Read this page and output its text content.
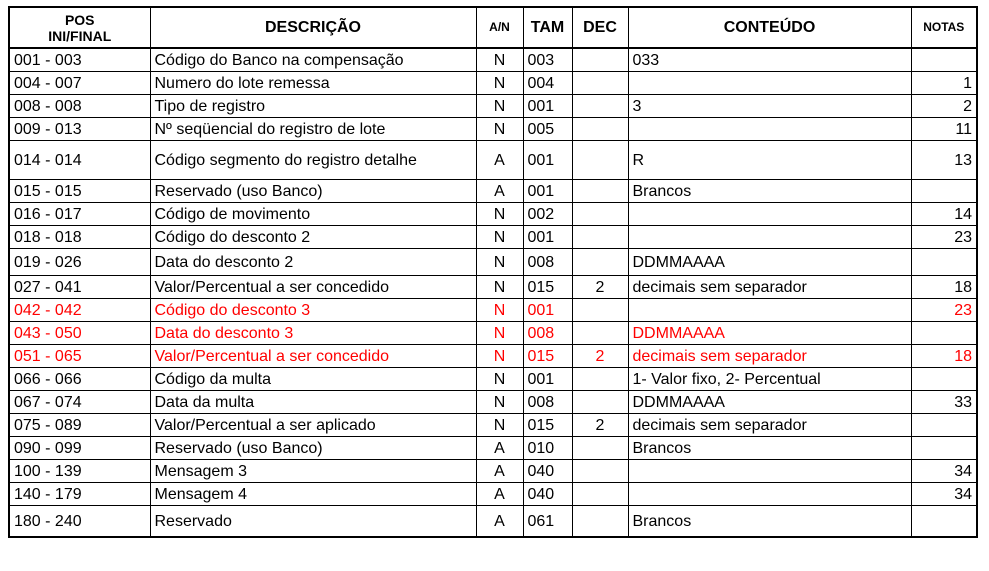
POS
INI/FINAL	DESCRIÇÃO	A/N	TAM	DEC	CONTEÚDO	NOTAS
001 - 003	Código do Banco na compensação	N	003		033	
004 - 007	Numero do lote remessa	N	004			1
008 - 008	Tipo de registro	N	001		3	2
009 - 013	Nº seqüencial do registro de lote	N	005			11
014 - 014	Código segmento do registro detalhe	A	001		R	13
015 - 015	Reservado (uso Banco)	A	001		Brancos	
016 - 017	Código de movimento	N	002			14
018 - 018	Código do desconto 2	N	001			23
019 - 026	Data do desconto 2	N	008		DDMMAAAA	
027 - 041	Valor/Percentual a ser concedido	N	015	2	decimais sem separador	18
042 - 042	Código do desconto 3	N	001			23
043 - 050	Data do desconto 3	N	008		DDMMAAAA	
051 - 065	Valor/Percentual a ser concedido	N	015	2	decimais sem separador	18
066 - 066	Código da multa	N	001		1- Valor fixo, 2- Percentual	
067 - 074	Data da multa	N	008		DDMMAAAA	33
075 - 089	Valor/Percentual a ser aplicado	N	015	2	decimais sem separador	
090 - 099	Reservado (uso Banco)	A	010		Brancos	
100 - 139	Mensagem 3	A	040			34
140 - 179	Mensagem 4	A	040			34
180 - 240	Reservado	A	061		Brancos	
